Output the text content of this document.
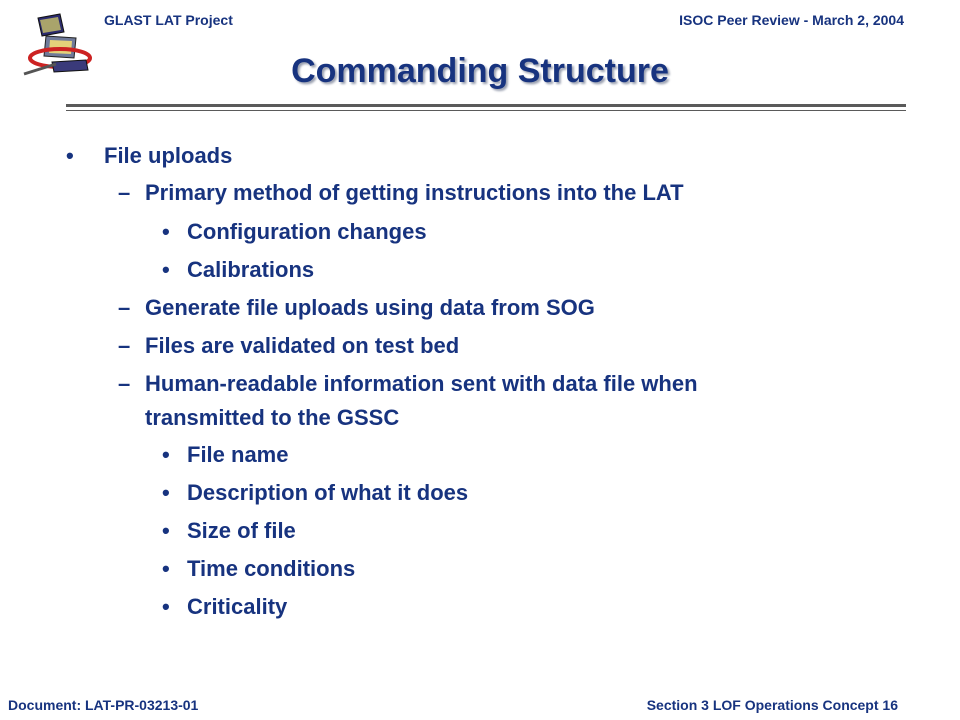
GLAST LAT Project	ISOC Peer Review - March 2, 2004
Commanding Structure
• File uploads
– Primary method of getting instructions into the LAT
• Configuration changes
• Calibrations
– Generate file uploads using data from SOG
– Files are validated on test bed
– Human-readable information sent with data file when
transmitted to the GSSC
• File name
• Description of what it does
• Size of file
• Time conditions
• Criticality
Document: LAT-PR-03213-01	Section 3 LOF Operations Concept 16
